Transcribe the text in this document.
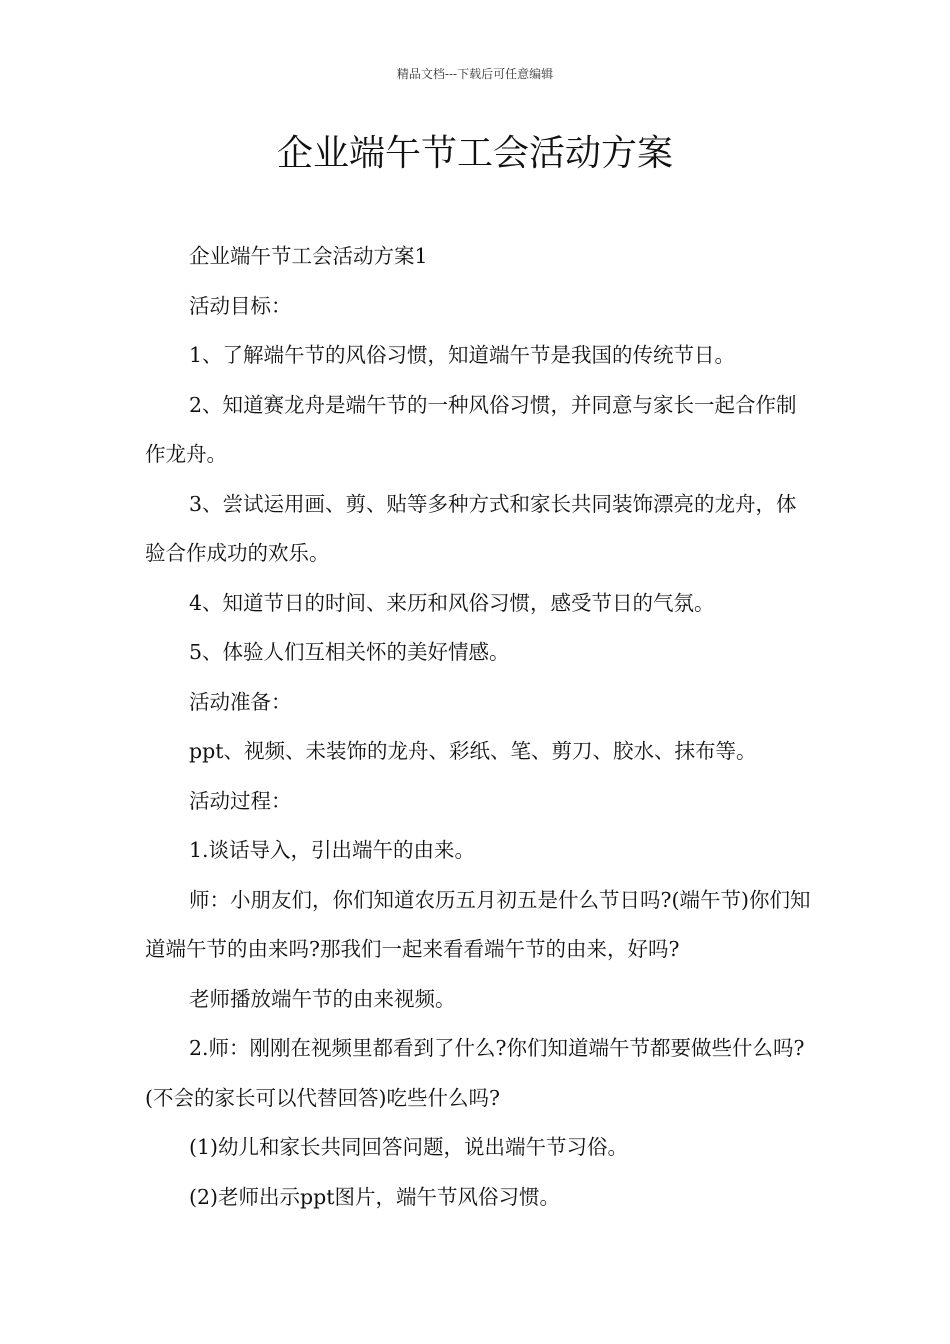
精品文档---下载后可任意编辑
企业端午节工会活动方案

企业端午节工会活动方案1

活动目标：

1、了解端午节的风俗习惯，知道端午节是我国的传统节日。

2、知道赛龙舟是端午节的一种风俗习惯，并同意与家长一起合作制作龙舟。

3、尝试运用画、剪、贴等多种方式和家长共同装饰漂亮的龙舟，体验合作成功的欢乐。

4、知道节日的时间、来历和风俗习惯，感受节日的气氛。

5、体验人们互相关怀的美好情感。

活动准备：

ppt、视频、未装饰的龙舟、彩纸、笔、剪刀、胶水、抹布等。

活动过程：

1.谈话导入，引出端午的由来。

师：小朋友们，你们知道农历五月初五是什么节日吗?(端午节)你们知道端午节的由来吗?那我们一起来看看端午节的由来，好吗?

老师播放端午节的由来视频。

2.师：刚刚在视频里都看到了什么?你们知道端午节都要做些什么吗?(不会的家长可以代替回答)吃些什么吗?

(1)幼儿和家长共同回答问题，说出端午节习俗。

(2)老师出示ppt图片，端午节风俗习惯。
